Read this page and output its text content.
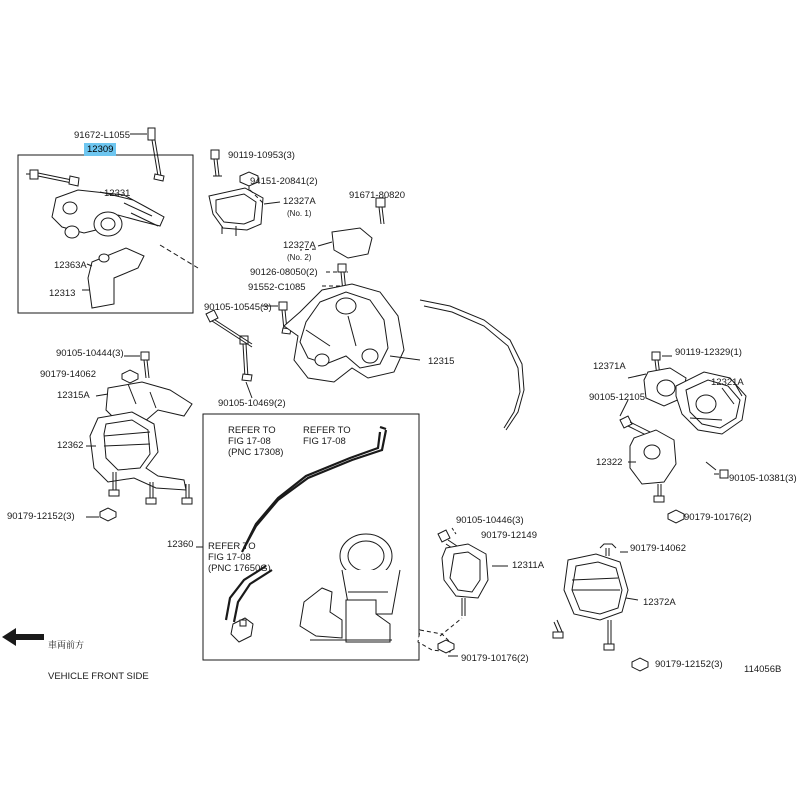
12309
91672-L1055
12331
12363A
12313
90119-10953(3)
94151-20841(2)
12327A
(No. 1)
91671-80820
12327A
(No. 2)
90126-08050(2)
91552-C1085
90105-10545(3)
12315
90105-10469(2)
90105-10444(3)
90179-14062
12315A
12362
90179-12152(3)
12360
12371A
90119-12329(1)
12321A
90105-12105
12322
90105-10381(3)
90179-10176(2)
90105-10446(3)
90179-12149
12311A
90179-14062
12372A
90179-10176(2)
90179-12152(3)
REFER TO
FIG 17-08
(PNC 17308)
REFER TO
FIG 17-08
REFER TO
FIG 17-08
(PNC 17650G)

車両前方

VEHICLE FRONT SIDE

114056B
